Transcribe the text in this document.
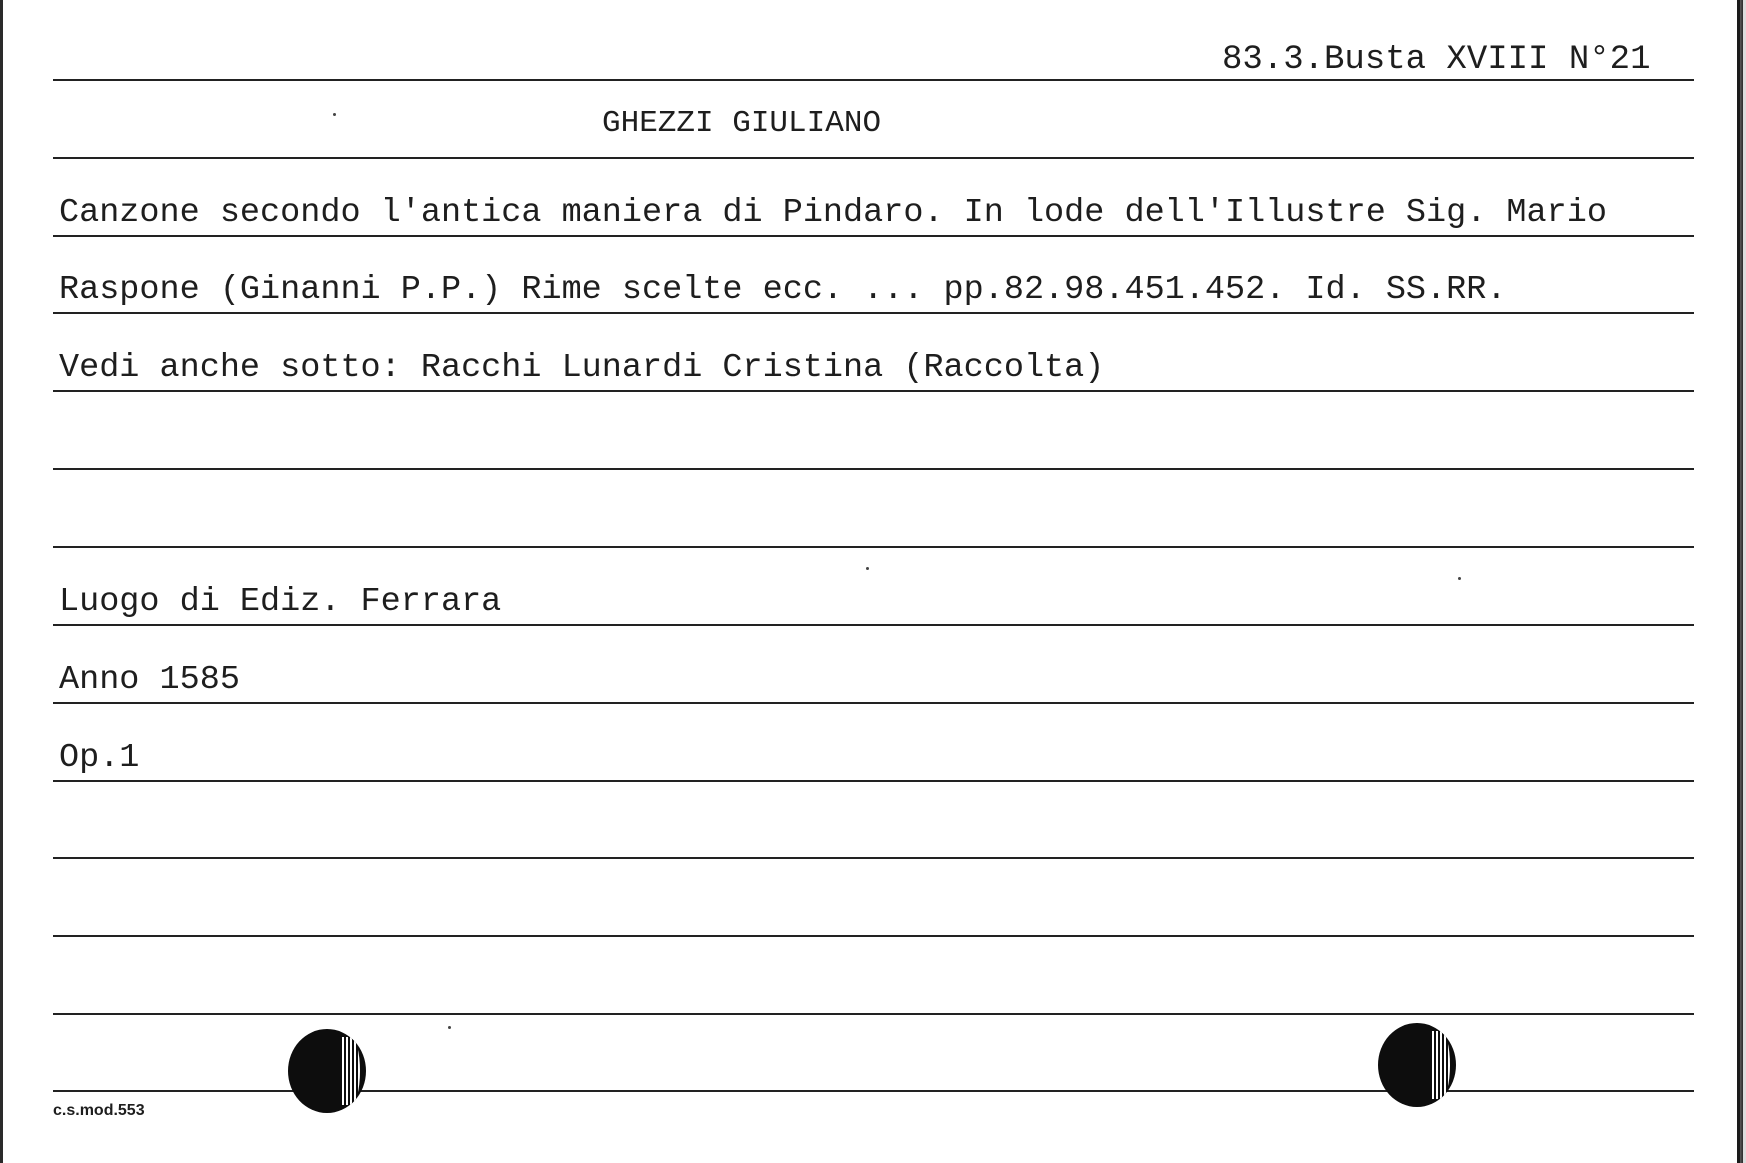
83.3.Busta XVIII N°21
GHEZZI GIULIANO
Canzone secondo l'antica maniera di Pindaro. In lode dell'Illustre Sig. Mario
Raspone (Ginanni P.P.) Rime scelte ecc. ... pp.82.98.451.452. Id. SS.RR.
Vedi anche sotto: Racchi Lunardi Cristina (Raccolta)
Luogo di Ediz. Ferrara
Anno 1585
Op.1
c.s.mod.553
